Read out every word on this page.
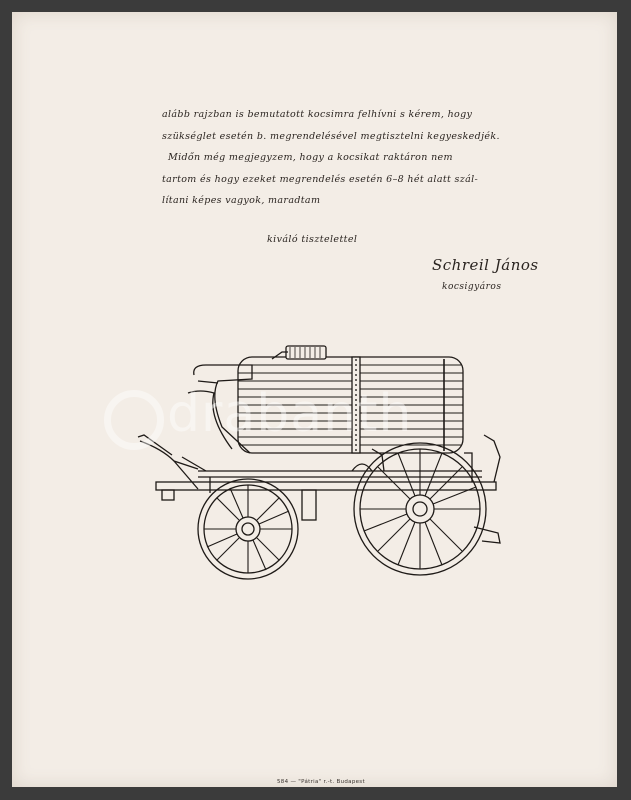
alább rajzban is bemutatott kocsimra felhívni s kérem, hogy
szükséglet esetén b. megrendelésével megtisztelni kegyeskedjék.
Midőn még megjegyzem, hogy a kocsikat raktáron nem
tartom és hogy ezeket megrendelés esetén 6–8 hét alatt szál-
lítani képes vagyok, maradtam
kiváló tisztelettel
Schreil János
kocsigyáros
drabanth
584 — "Pátria" r.-t. Budapest
